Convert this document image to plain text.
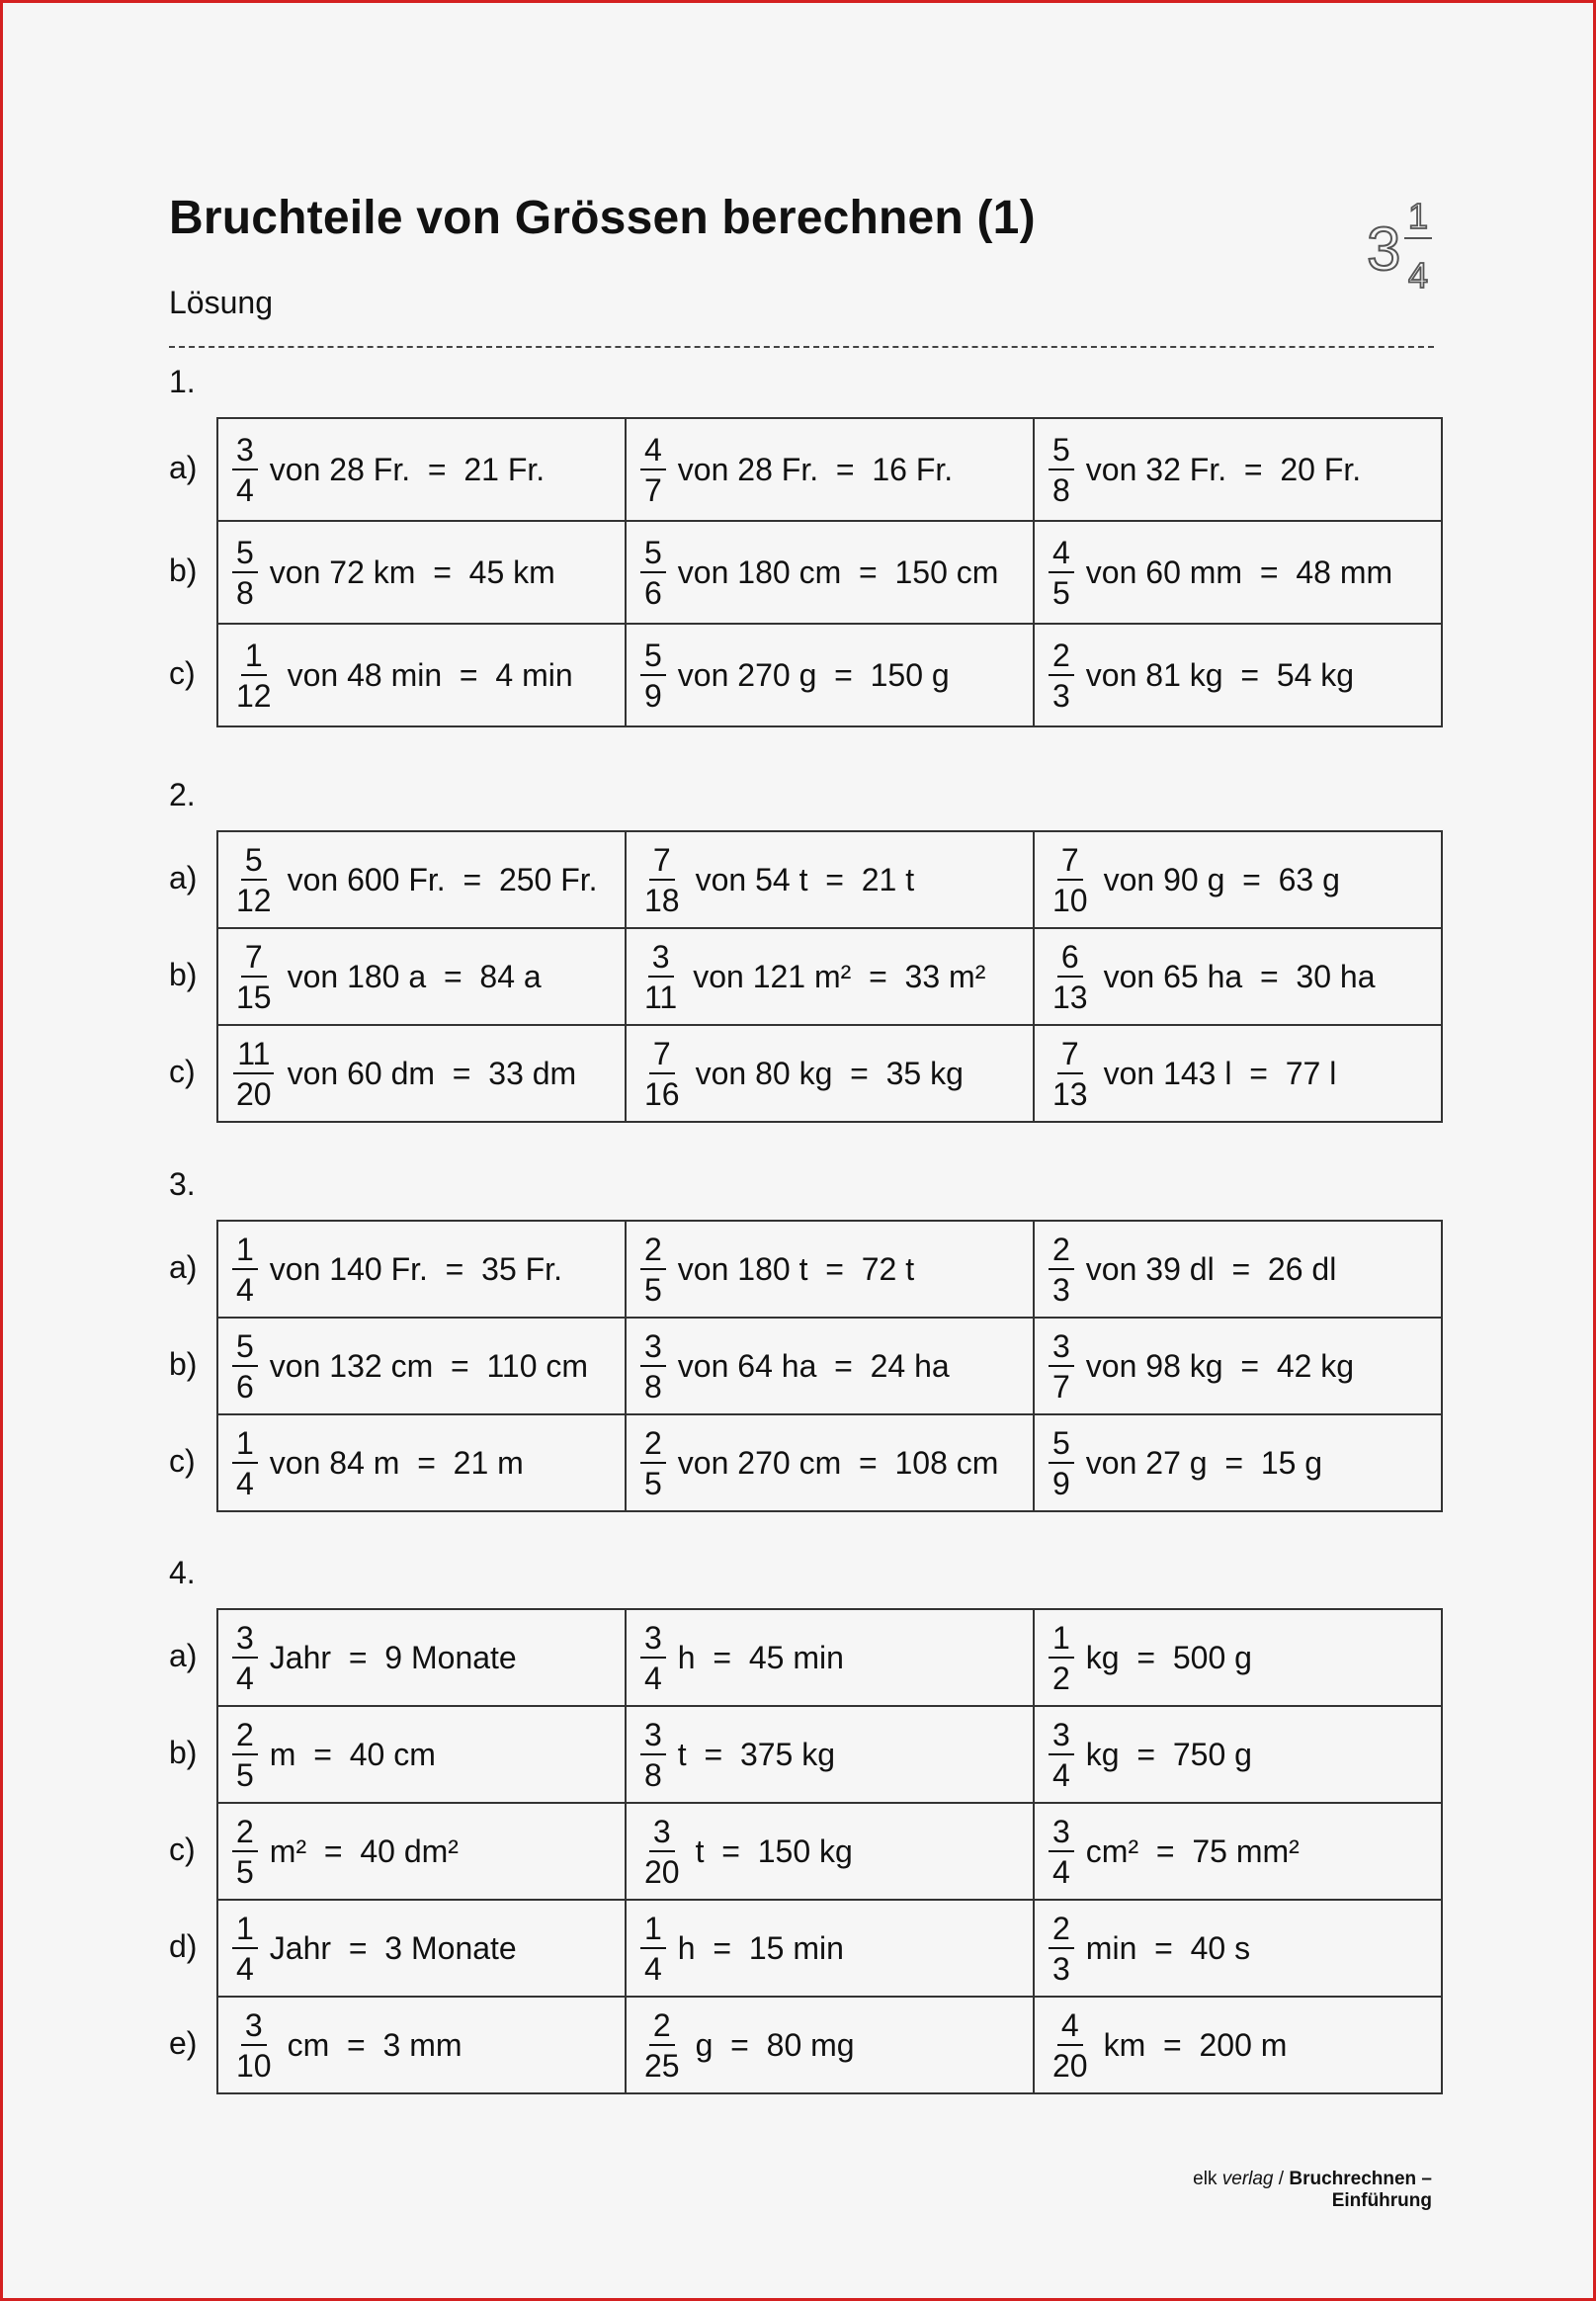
Bruchteile von Grössen berechnen (1)
Lösung
3 1
4
1.
a)
b)
c)
$\frac{3}{4}$ von 28 Fr.  =  21 Fr.	$\frac{4}{7}$ von 28 Fr.  =  16 Fr.	$\frac{5}{8}$ von 32 Fr.  =  20 Fr.

$\frac{5}{8}$ von 72 km  =  45 km	$\frac{5}{6}$ von 180 cm  =  150 cm	$\frac{4}{5}$ von 60 mm  =  48 mm

$\frac{1}{12}$ von 48 min  =  4 min	$\frac{5}{9}$ von 270 g  =  150 g	$\frac{2}{3}$ von 81 kg  =  54 kg
2.
a)
b)
c)
$\frac{5}{12}$ von 600 Fr.  =  250 Fr.	$\frac{7}{18}$ von 54 t  =  21 t	$\frac{7}{10}$ von 90 g  =  63 g

$\frac{7}{15}$ von 180 a  =  84 a	$\frac{3}{11}$ von 121 m²  =  33 m²	$\frac{6}{13}$ von 65 ha  =  30 ha

$\frac{11}{20}$ von 60 dm  =  33 dm	$\frac{7}{16}$ von 80 kg  =  35 kg	$\frac{7}{13}$ von 143 l  =  77 l
3.
a)
b)
c)
$\frac{1}{4}$ von 140 Fr.  =  35 Fr.	$\frac{2}{5}$ von 180 t  =  72 t	$\frac{2}{3}$ von 39 dl  =  26 dl

$\frac{5}{6}$ von 132 cm  =  110 cm	$\frac{3}{8}$ von 64 ha  =  24 ha	$\frac{3}{7}$ von 98 kg  =  42 kg

$\frac{1}{4}$ von 84 m  =  21 m	$\frac{2}{5}$ von 270 cm  =  108 cm	$\frac{5}{9}$ von 27 g  =  15 g
4.
a)
b)
c)
d)
e)
$\frac{3}{4}$ Jahr  =  9 Monate	$\frac{3}{4}$ h  =  45 min	$\frac{1}{2}$ kg  =  500 g

$\frac{2}{5}$ m  =  40 cm	$\frac{3}{8}$ t  =  375 kg	$\frac{3}{4}$ kg  =  750 g

$\frac{2}{5} m^2 = 40$ dm²	$\frac{3}{20}$ t  =  150 kg	$\frac{3}{4} cm^2 = 75$ mm²

$\frac{1}{4}$ Jahr  =  3 Monate	$\frac{1}{4}$ h  =  15 min	$\frac{2}{3}$ min  =  40 s

$\frac{3}{10}$ cm  =  3 mm	$\frac{2}{25}$ g  =  80 mg	$\frac{4}{20}$ km  =  200 m
elk verlag / Bruchrechnen – Einführung
